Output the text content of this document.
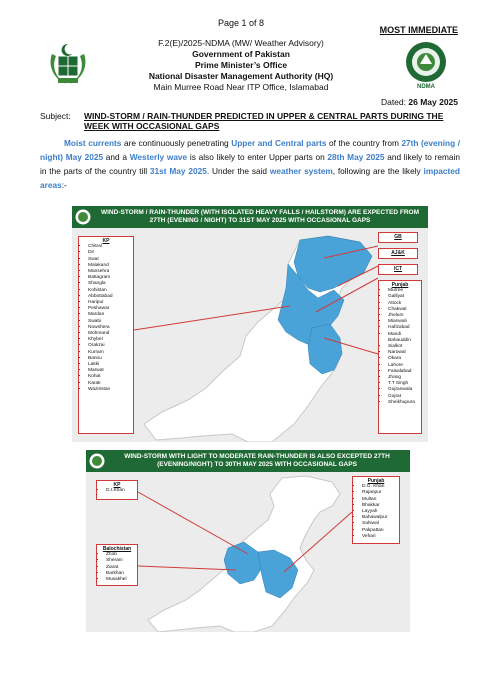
Page 1 of 8
MOST IMMEDIATE
F.2(E)/2025-NDMA (MW/ Weather Advisory)
Government of Pakistan
Prime Minister’s Office
National Disaster Management Authority (HQ)
Main Murree Road Near ITP Office, Islamabad	NDMA
Dated: 26 May 2025
Subject: WIND-STORM / RAIN-THUNDER PREDICTED IN UPPER & CENTRAL PARTS DURING THE WEEK WITH OCCASIONAL GAPS
Moist currents are continuously penetrating Upper and Central parts of the country from 27th (evening / night) May 2025 and a Westerly wave is also likely to enter Upper parts on 28th May 2025 and likely to remain in the parts of the country till 31st May 2025. Under the said weather system, following are the likely impacted areas:-
WIND-STORM / RAIN-THUNDER (WITH ISOLATED HEAVY FALLS / HAILSTORM) ARE EXPECTED FROM 27TH (EVENING / NIGHT) TO 31ST MAY 2025 WITH OCCASIONAL GAPS
KP
• Chitral
• Dir
• Swat
• Malakand
• Mansehra
• Battagram
• Shangla
• Kohistan
• Abbottabad
• Haripur
• Peshawar
• Mardan
• Swabi
• Nowshera
• Mohmand
• Khyber
• Orakzai
• Kurram
• Bannu
• Lakki
• Marwat
• Kohat
• Karak
• Waziristan
GB
AJ&K
ICT
Punjab
• Murree
• Galliyat
• Attock
• Chakwal
• Jhelum
• Mianwali
• Hafizabad
• Mandi Bahauddin
• Sialkot
• Narowal
• Okara
• Lahore
• Faisalabad
• Jhang
• T.T Singh
• Gujranwala
• Gujrat
• Sheikhupura
WIND-STORM WITH LIGHT TO MODERATE RAIN-THUNDER IS ALSO EXCEPTED 27TH (EVENING/NIGHT) TO 30TH MAY 2025 WITH OCCASIONAL GAPS
KP
• D.I.Khan
Balochistan
• Zhob
• Sherani
• Ziarat
• Barkhan
• Musakhel
Punjab
• D.G. Khan
• Rajanpur
• Multan
• Bhakkar
• Layyah
• Bahawalpur
• Sahiwal
• Pakpattan
• Vehari
